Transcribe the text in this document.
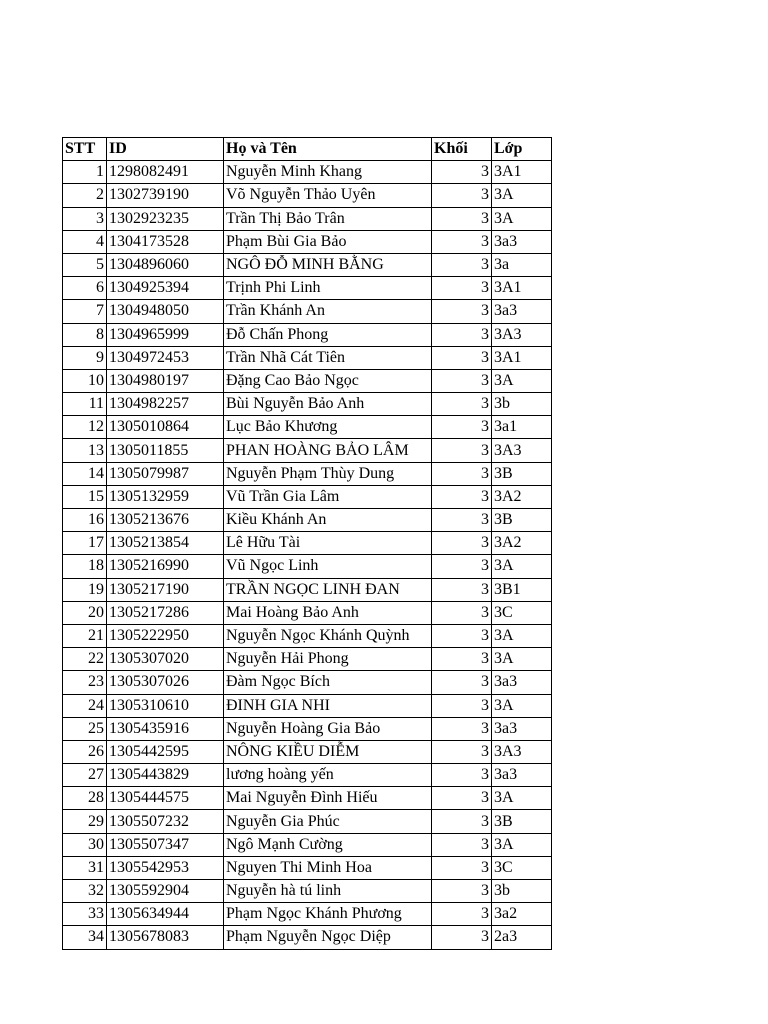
STT	ID	Họ và Tên	Khối	Lớp
1	1298082491	Nguyễn Minh Khang	3	3A1
2	1302739190	Võ Nguyễn Thảo Uyên	3	3A
3	1302923235	Trần Thị Bảo Trân	3	3A
4	1304173528	Phạm Bùi Gia Bảo	3	3a3
5	1304896060	NGÔ ĐỖ MINH BẰNG	3	3a
6	1304925394	Trịnh Phi Linh	3	3A1
7	1304948050	Trần Khánh An	3	3a3
8	1304965999	Đỗ Chấn Phong	3	3A3
9	1304972453	Trần Nhã Cát Tiên	3	3A1
10	1304980197	Đặng Cao Bảo Ngọc	3	3A
11	1304982257	Bùi Nguyễn Bảo Anh	3	3b
12	1305010864	Lục Bảo Khương	3	3a1
13	1305011855	PHAN HOÀNG BẢO LÂM	3	3A3
14	1305079987	Nguyễn Phạm Thùy Dung	3	3B
15	1305132959	Vũ Trần Gia Lâm	3	3A2
16	1305213676	Kiều Khánh An	3	3B
17	1305213854	Lê Hữu Tài	3	3A2
18	1305216990	Vũ Ngọc Linh	3	3A
19	1305217190	TRẦN NGỌC LINH ĐAN	3	3B1
20	1305217286	Mai Hoàng Bảo Anh	3	3C
21	1305222950	Nguyễn Ngọc Khánh Quỳnh	3	3A
22	1305307020	Nguyễn Hải Phong	3	3A
23	1305307026	Đàm Ngọc Bích	3	3a3
24	1305310610	ĐINH GIA NHI	3	3A
25	1305435916	Nguyễn Hoàng Gia Bảo	3	3a3
26	1305442595	NÔNG KIỀU DIỄM	3	3A3
27	1305443829	lương hoàng yến	3	3a3
28	1305444575	Mai Nguyễn Đình Hiếu	3	3A
29	1305507232	Nguyễn Gia Phúc	3	3B
30	1305507347	Ngô Mạnh Cường	3	3A
31	1305542953	Nguyen Thi Minh Hoa	3	3C
32	1305592904	Nguyễn hà tú linh	3	3b
33	1305634944	Phạm Ngọc Khánh Phương	3	3a2
34	1305678083	Phạm Nguyễn Ngọc Diệp	3	2a3
